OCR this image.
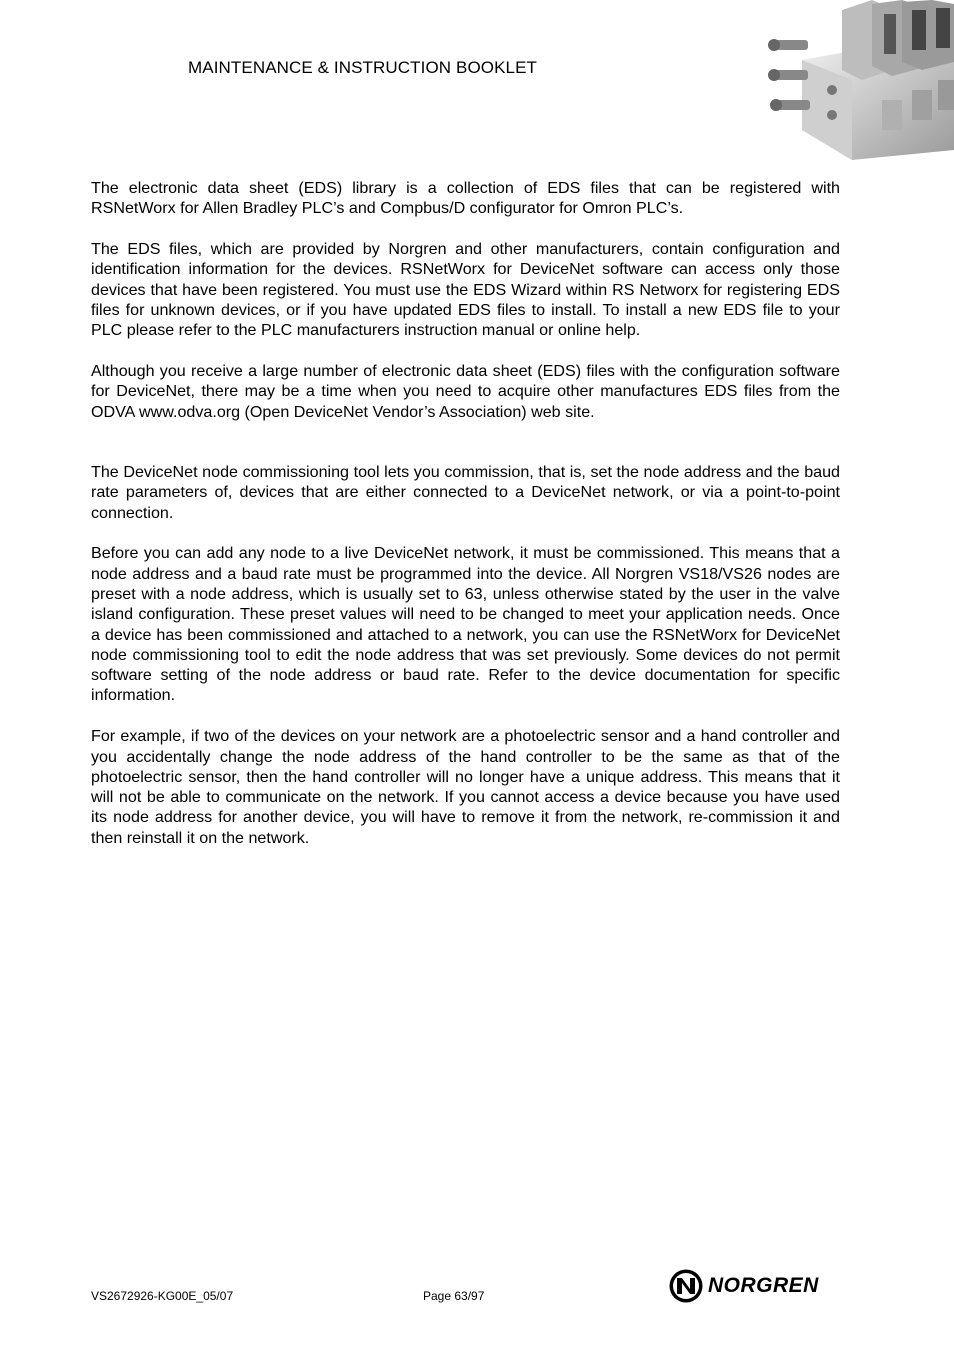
MAINTENANCE & INSTRUCTION BOOKLET

The electronic data sheet (EDS) library is a collection of EDS files that can be registered with RSNetWorx for Allen Bradley PLC’s and Compbus/D configurator for Omron PLC’s.

The EDS files, which are provided by Norgren and other manufacturers, contain configuration and identification information for the devices. RSNetWorx for DeviceNet software can access only those devices that have been registered. You must use the EDS Wizard within RS Networx for registering EDS files for unknown devices, or if you have updated EDS files to install. To install a new EDS file to your PLC please refer to the PLC manufacturers instruction manual or online help.

Although you receive a large number of electronic data sheet (EDS) files with the configuration software for DeviceNet, there may be a time when you need to acquire other manufactures EDS files from the ODVA www.odva.org (Open DeviceNet Vendor’s Association) web site.

The DeviceNet node commissioning tool lets you commission, that is, set the node address and the baud rate parameters of, devices that are either connected to a DeviceNet network, or via a point-to-point connection.

Before you can add any node to a live DeviceNet network, it must be commissioned. This means that a node address and a baud rate must be programmed into the device. All Norgren VS18/VS26 nodes are preset with a node address, which is usually set to 63, unless otherwise stated by the user in the valve island configuration. These preset values will need to be changed to meet your application needs. Once a device has been commissioned and attached to a network, you can use the RSNetWorx for DeviceNet node commissioning tool to edit the node address that was set previously. Some devices do not permit software setting of the node address or baud rate. Refer to the device documentation for specific information.

For example, if two of the devices on your network are a photoelectric sensor and a hand controller and you accidentally change the node address of the hand controller to be the same as that of the photoelectric sensor, then the hand controller will no longer have a unique address. This means that it will not be able to communicate on the network. If you cannot access a device because you have used its node address for another device, you will have to remove it from the network, re-commission it and then reinstall it on the network.

VS2672926-KG00E_05/07	Page 63/97	NORGREN
